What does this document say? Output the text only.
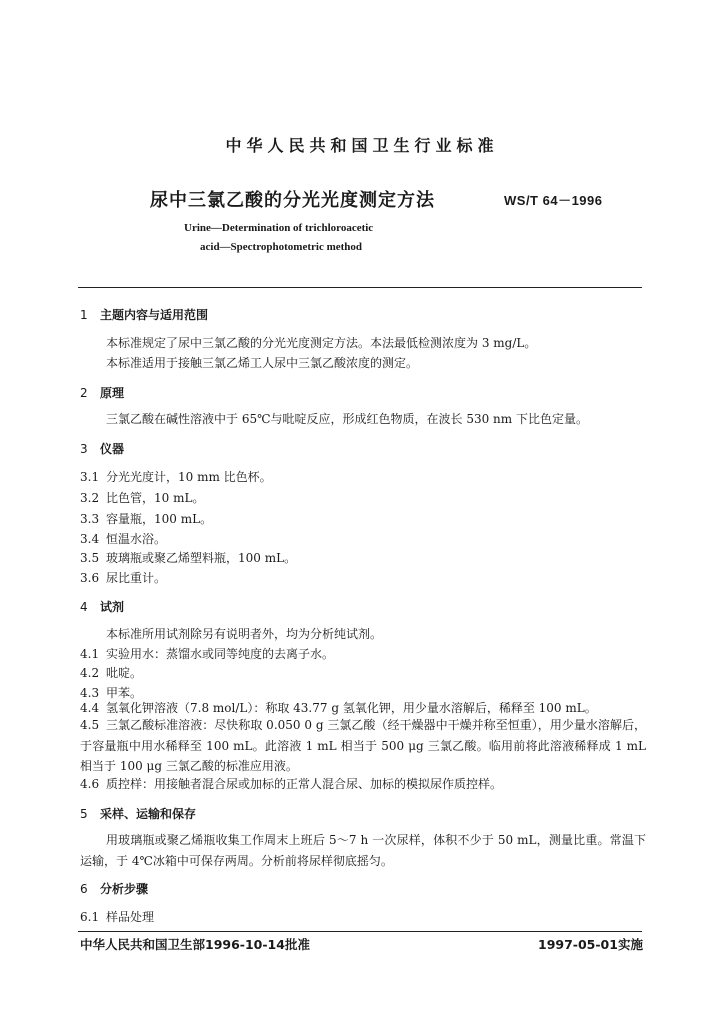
中华人民共和国卫生行业标准
尿中三氯乙酸的分光光度测定方法	WS/T 64－1996
Urine—Determination of trichloroacetic
acid—Spectrophotometric method
1 主题内容与适用范围
本标准规定了尿中三氯乙酸的分光光度测定方法。本法最低检测浓度为 3 mg/L。
本标准适用于接触三氯乙烯工人尿中三氯乙酸浓度的测定。
2 原理
三氯乙酸在碱性溶液中于 65℃与吡啶反应，形成红色物质，在波长 530 nm 下比色定量。
3 仪器
3.1 分光光度计，10 mm 比色杯。
3.2 比色管，10 mL。
3.3 容量瓶，100 mL。
3.4 恒温水浴。
3.5 玻璃瓶或聚乙烯塑料瓶，100 mL。
3.6 尿比重计。
4 试剂
本标准所用试剂除另有说明者外，均为分析纯试剂。
4.1 实验用水：蒸馏水或同等纯度的去离子水。
4.2 吡啶。
4.3 甲苯。
4.4 氢氧化钾溶液（7.8 mol/L）：称取 43.77 g 氢氧化钾，用少量水溶解后，稀释至 100 mL。
4.5 三氯乙酸标准溶液：尽快称取 0.050 0 g 三氯乙酸（经干燥器中干燥并称至恒重），用少量水溶解后，于容量瓶中用水稀释至 100 mL。此溶液 1 mL 相当于 500 μg 三氯乙酸。临用前将此溶液稀释成 1 mL相当于 100 μg 三氯乙酸的标准应用液。
4.6 质控样：用接触者混合尿或加标的正常人混合尿、加标的模拟尿作质控样。
5 采样、运输和保存
用玻璃瓶或聚乙烯瓶收集工作周末上班后 5～7 h 一次尿样，体积不少于 50 mL，测量比重。常温下运输，于 4℃冰箱中可保存两周。分析前将尿样彻底摇匀。
6 分析步骤
6.1 样品处理
中华人民共和国卫生部1996-10-14批准	1997-05-01实施
